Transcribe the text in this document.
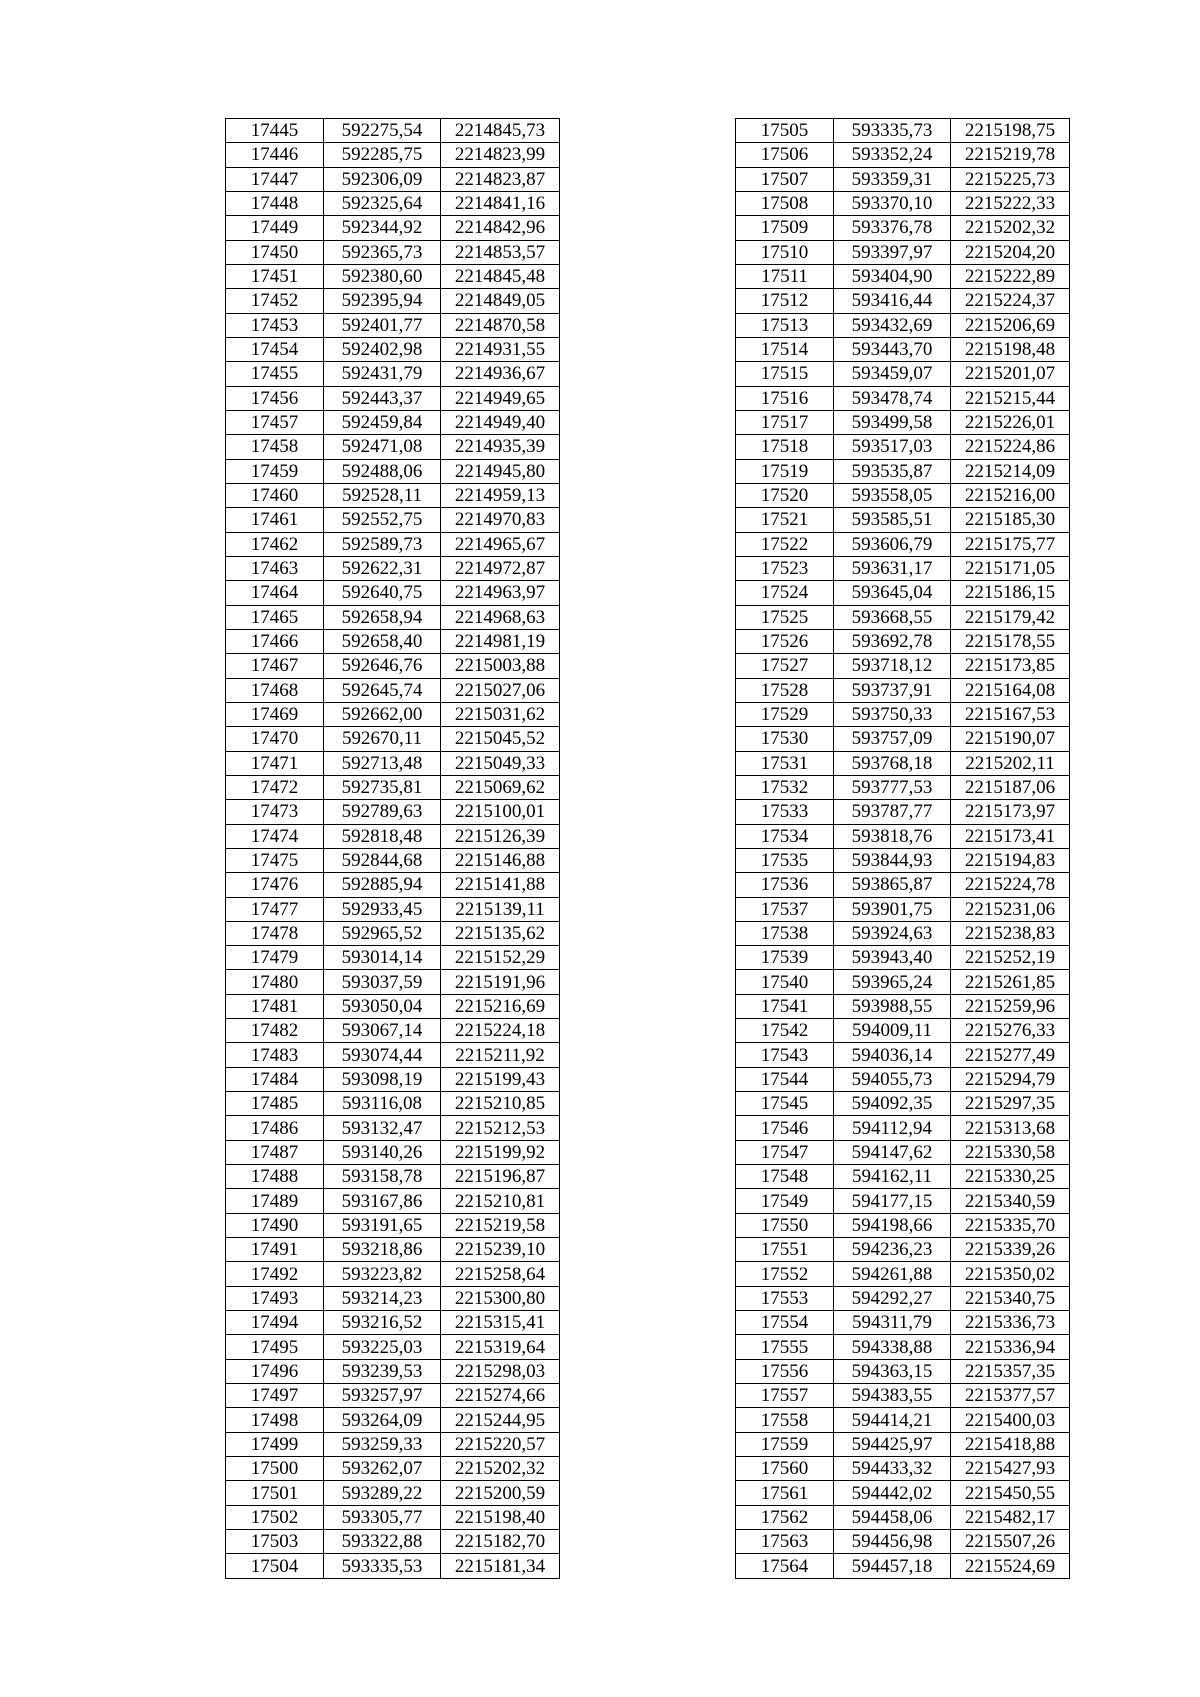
17445	592275,54	2214845,73
17446	592285,75	2214823,99
17447	592306,09	2214823,87
17448	592325,64	2214841,16
17449	592344,92	2214842,96
17450	592365,73	2214853,57
17451	592380,60	2214845,48
17452	592395,94	2214849,05
17453	592401,77	2214870,58
17454	592402,98	2214931,55
17455	592431,79	2214936,67
17456	592443,37	2214949,65
17457	592459,84	2214949,40
17458	592471,08	2214935,39
17459	592488,06	2214945,80
17460	592528,11	2214959,13
17461	592552,75	2214970,83
17462	592589,73	2214965,67
17463	592622,31	2214972,87
17464	592640,75	2214963,97
17465	592658,94	2214968,63
17466	592658,40	2214981,19
17467	592646,76	2215003,88
17468	592645,74	2215027,06
17469	592662,00	2215031,62
17470	592670,11	2215045,52
17471	592713,48	2215049,33
17472	592735,81	2215069,62
17473	592789,63	2215100,01
17474	592818,48	2215126,39
17475	592844,68	2215146,88
17476	592885,94	2215141,88
17477	592933,45	2215139,11
17478	592965,52	2215135,62
17479	593014,14	2215152,29
17480	593037,59	2215191,96
17481	593050,04	2215216,69
17482	593067,14	2215224,18
17483	593074,44	2215211,92
17484	593098,19	2215199,43
17485	593116,08	2215210,85
17486	593132,47	2215212,53
17487	593140,26	2215199,92
17488	593158,78	2215196,87
17489	593167,86	2215210,81
17490	593191,65	2215219,58
17491	593218,86	2215239,10
17492	593223,82	2215258,64
17493	593214,23	2215300,80
17494	593216,52	2215315,41
17495	593225,03	2215319,64
17496	593239,53	2215298,03
17497	593257,97	2215274,66
17498	593264,09	2215244,95
17499	593259,33	2215220,57
17500	593262,07	2215202,32
17501	593289,22	2215200,59
17502	593305,77	2215198,40
17503	593322,88	2215182,70
17504	593335,53	2215181,34
17505	593335,73	2215198,75
17506	593352,24	2215219,78
17507	593359,31	2215225,73
17508	593370,10	2215222,33
17509	593376,78	2215202,32
17510	593397,97	2215204,20
17511	593404,90	2215222,89
17512	593416,44	2215224,37
17513	593432,69	2215206,69
17514	593443,70	2215198,48
17515	593459,07	2215201,07
17516	593478,74	2215215,44
17517	593499,58	2215226,01
17518	593517,03	2215224,86
17519	593535,87	2215214,09
17520	593558,05	2215216,00
17521	593585,51	2215185,30
17522	593606,79	2215175,77
17523	593631,17	2215171,05
17524	593645,04	2215186,15
17525	593668,55	2215179,42
17526	593692,78	2215178,55
17527	593718,12	2215173,85
17528	593737,91	2215164,08
17529	593750,33	2215167,53
17530	593757,09	2215190,07
17531	593768,18	2215202,11
17532	593777,53	2215187,06
17533	593787,77	2215173,97
17534	593818,76	2215173,41
17535	593844,93	2215194,83
17536	593865,87	2215224,78
17537	593901,75	2215231,06
17538	593924,63	2215238,83
17539	593943,40	2215252,19
17540	593965,24	2215261,85
17541	593988,55	2215259,96
17542	594009,11	2215276,33
17543	594036,14	2215277,49
17544	594055,73	2215294,79
17545	594092,35	2215297,35
17546	594112,94	2215313,68
17547	594147,62	2215330,58
17548	594162,11	2215330,25
17549	594177,15	2215340,59
17550	594198,66	2215335,70
17551	594236,23	2215339,26
17552	594261,88	2215350,02
17553	594292,27	2215340,75
17554	594311,79	2215336,73
17555	594338,88	2215336,94
17556	594363,15	2215357,35
17557	594383,55	2215377,57
17558	594414,21	2215400,03
17559	594425,97	2215418,88
17560	594433,32	2215427,93
17561	594442,02	2215450,55
17562	594458,06	2215482,17
17563	594456,98	2215507,26
17564	594457,18	2215524,69
